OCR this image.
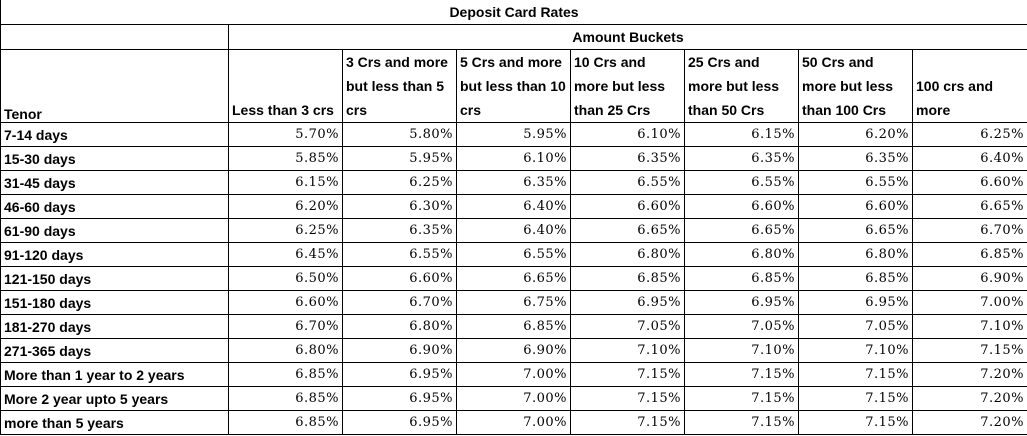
Deposit Card Rates							
	Amount Buckets						
Tenor	Less than 3 crs	3 Crs and more but less than 5 crs	5 Crs and more but less than 10 crs	10 Crs and more but less than 25 Crs	25 Crs and more but less than 50 Crs	50 Crs and more but less than 100 Crs	100 crs and more
7-14 days	5.70%	5.80%	5.95%	6.10%	6.15%	6.20%	6.25%
15-30 days	5.85%	5.95%	6.10%	6.35%	6.35%	6.35%	6.40%
31-45 days	6.15%	6.25%	6.35%	6.55%	6.55%	6.55%	6.60%
46-60 days	6.20%	6.30%	6.40%	6.60%	6.60%	6.60%	6.65%
61-90 days	6.25%	6.35%	6.40%	6.65%	6.65%	6.65%	6.70%
91-120 days	6.45%	6.55%	6.55%	6.80%	6.80%	6.80%	6.85%
121-150 days	6.50%	6.60%	6.65%	6.85%	6.85%	6.85%	6.90%
151-180 days	6.60%	6.70%	6.75%	6.95%	6.95%	6.95%	7.00%
181-270 days	6.70%	6.80%	6.85%	7.05%	7.05%	7.05%	7.10%
271-365 days	6.80%	6.90%	6.90%	7.10%	7.10%	7.10%	7.15%
More than 1 year to 2 years	6.85%	6.95%	7.00%	7.15%	7.15%	7.15%	7.20%
More 2 year upto 5 years	6.85%	6.95%	7.00%	7.15%	7.15%	7.15%	7.20%
more than 5 years	6.85%	6.95%	7.00%	7.15%	7.15%	7.15%	7.20%
